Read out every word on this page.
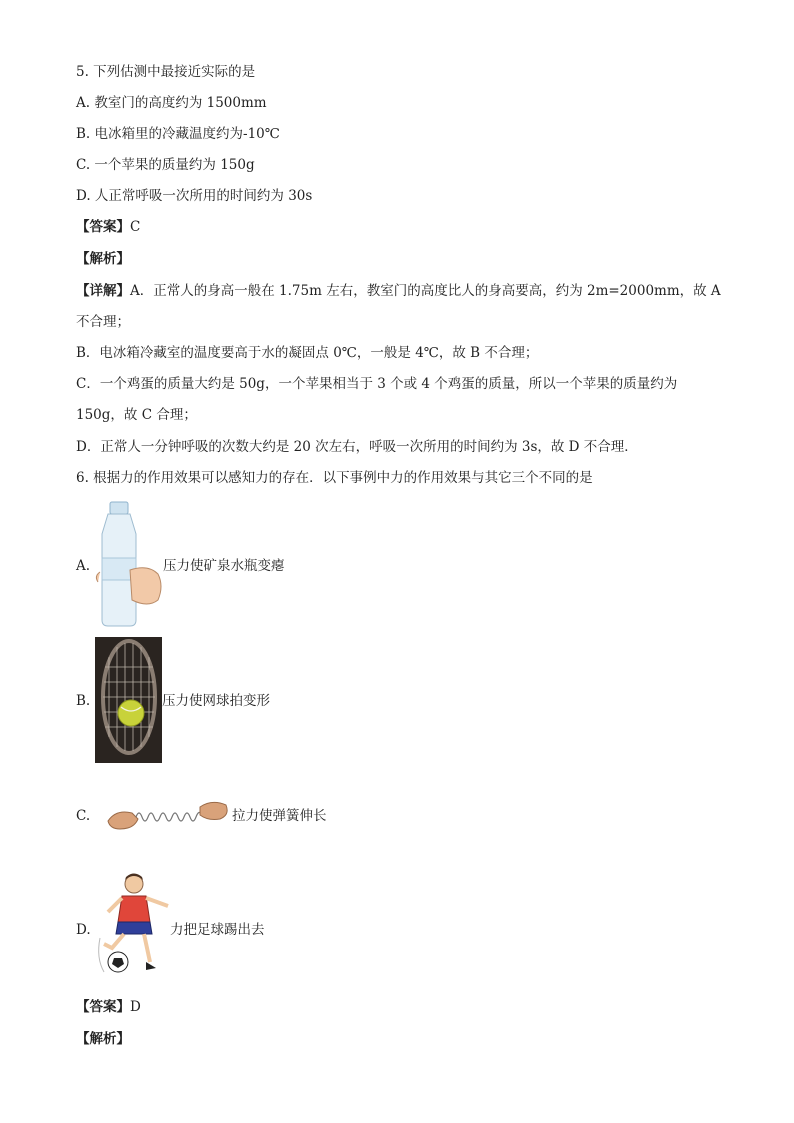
5. 下列估测中最接近实际的是
A. 教室门的高度约为 1500mm
B. 电冰箱里的冷藏温度约为-10℃
C. 一个苹果的质量约为 150g
D. 人正常呼吸一次所用的时间约为 30s
【答案】C
【解析】
【详解】A．正常人的身高一般在 1.75m 左右，教室门的高度比人的身高要高，约为 2m=2000mm，故 A
不合理；
B．电冰箱冷藏室的温度要高于水的凝固点 0℃，一般是 4℃，故 B 不合理；
C．一个鸡蛋的质量大约是 50g，一个苹果相当于 3 个或 4 个鸡蛋的质量，所以一个苹果的质量约为
150g，故 C 合理；
D．正常人一分钟呼吸的次数大约是 20 次左右，呼吸一次所用的时间约为 3s，故 D 不合理．
6. 根据力的作用效果可以感知力的存在．以下事例中力的作用效果与其它三个不同的是
A.	压力使矿泉水瓶变瘪
B.	压力使网球拍变形
C.	拉力使弹簧伸长
D.	力把足球踢出去
【答案】D
【解析】
